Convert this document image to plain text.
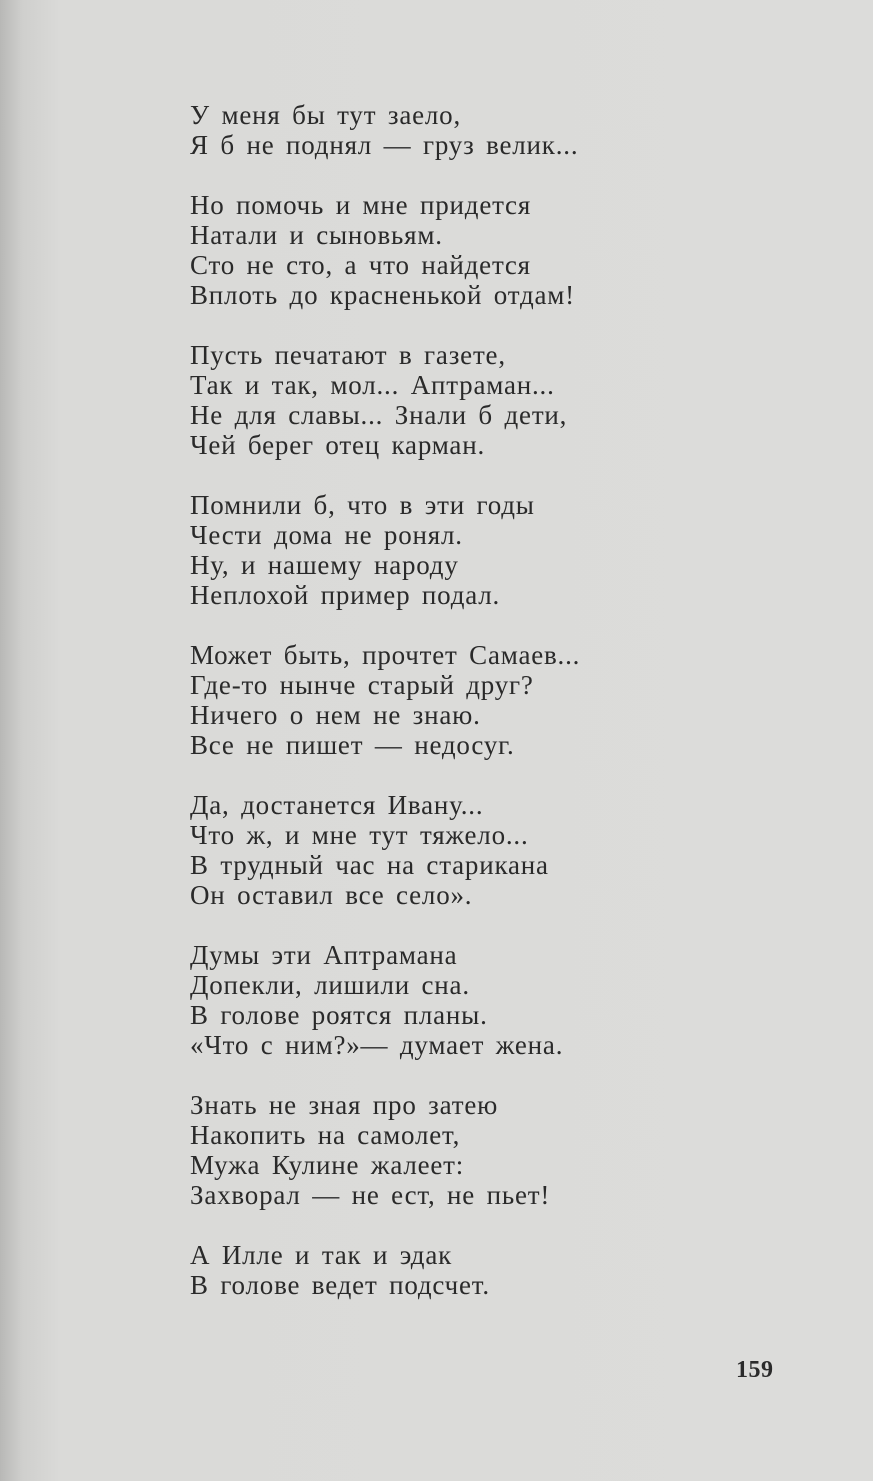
У меня бы тут заело,
Я б не поднял — груз велик...
Но помочь и мне придется
Натали и сыновьям.
Сто не сто, а что найдется
Вплоть до красненькой отдам!
Пусть печатают в газете,
Так и так, мол... Аптраман...
Не для славы... Знали б дети,
Чей берег отец карман.
Помнили б, что в эти годы
Чести дома не ронял.
Ну, и нашему народу
Неплохой пример подал.
Может быть, прочтет Самаев...
Где-то нынче старый друг?
Ничего о нем не знаю.
Все не пишет — недосуг.
Да, достанется Ивану...
Что ж, и мне тут тяжело...
В трудный час на старикана
Он оставил все село».
Думы эти Аптрамана
Допекли, лишили сна.
В голове роятся планы.
«Что с ним?»— думает жена.
Знать не зная про затею
Накопить на самолет,
Мужа Кулине жалеет:
Захворал — не ест, не пьет!
А Илле и так и эдак
В голове ведет подсчет.
159
